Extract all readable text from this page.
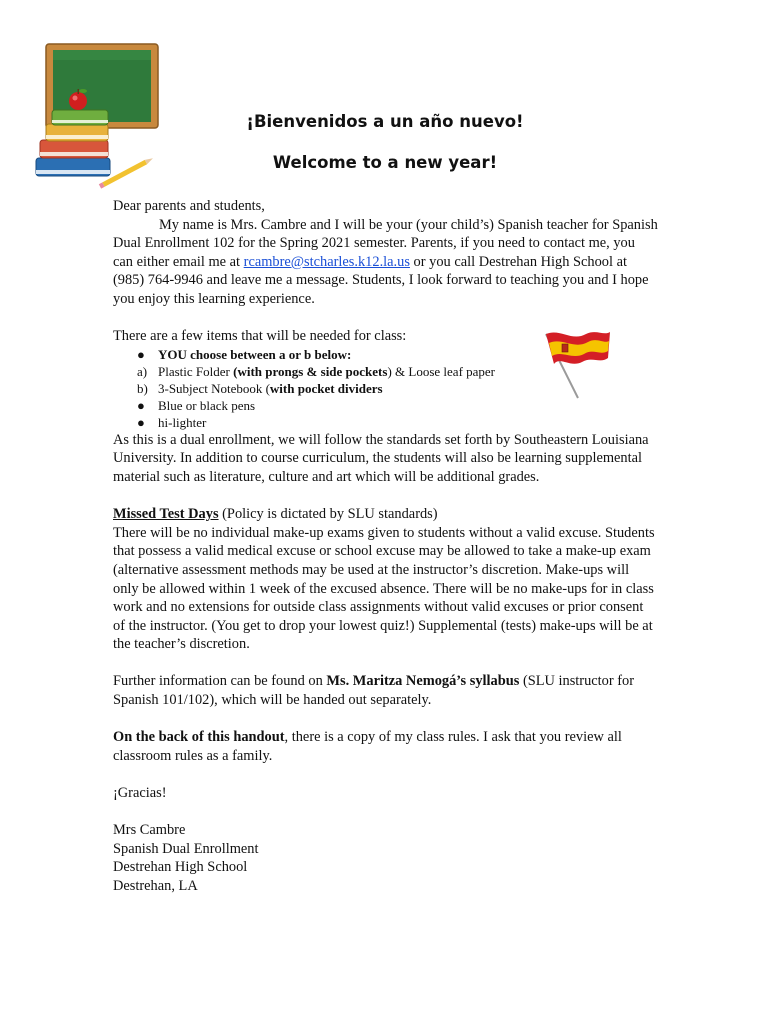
¡Bienvenidos a un año nuevo!
Welcome to a new year!

Dear parents and students,

My name is Mrs. Cambre and I will be your (your child’s) Spanish teacher for Spanish Dual Enrollment 102 for the Spring 2021 semester. Parents, if you need to contact me, you can either email me at rcambre@stcharles.k12.la.us or you call Destrehan High School at (985) 764-9946 and leave me a message. Students, I look forward to teaching you and I hope you enjoy this learning experience.

There are a few items that will be needed for class:

● YOU choose between a or b below:
a) Plastic Folder (with prongs & side pockets) & Loose leaf paper
b) 3-Subject Notebook (with pocket dividers
● Blue or black pens
● hi-lighter

As this is a dual enrollment, we will follow the standards set forth by Southeastern Louisiana University. In addition to course curriculum, the students will also be learning supplemental material such as literature, culture and art which will be additional grades.

Missed Test Days (Policy is dictated by SLU standards)

There will be no individual make-up exams given to students without a valid excuse. Students that possess a valid medical excuse or school excuse may be allowed to take a make-up exam (alternative assessment methods may be used at the instructor’s discretion. Make-ups will only be allowed within 1 week of the excused absence. There will be no make-ups for in class work and no extensions for outside class assignments without valid excuses or prior consent of the instructor. (You get to drop your lowest quiz!) Supplemental (tests) make-ups will be at the teacher’s discretion.

Further information can be found on Ms. Maritza Nemogá’s syllabus (SLU instructor for Spanish 101/102), which will be handed out separately.

On the back of this handout, there is a copy of my class rules. I ask that you review all classroom rules as a family.

¡Gracias!

Mrs Cambre

Spanish Dual Enrollment

Destrehan High School

Destrehan, LA
